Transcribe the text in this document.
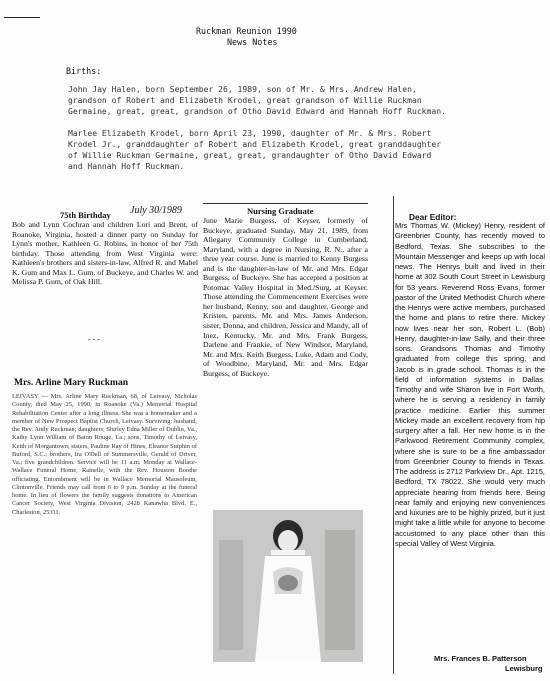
Ruckman Reunion 1990
News Notes
Births:
John Jay Halen, born September 26, 1989, son of Mr. & Mrs. Andrew Halen,
grandson of Robert and Elizabeth Krodel, great grandson of Willie Ruckman
Germaine, great, great, grandson of Otho David Edward and Hannah Hoff Ruckman.
Marlee Elizabeth Krodel, born April 23, 1990, daughter of Mr. & Mrs. Robert
Krodel Jr., granddaughter of Robert and Elizabeth Krodel, great granddaughter
of Willie Ruckman Germaine, great, great, grandaughter of Otho David Edward
and Hannah Hoff Ruckman.
75th Birthday July 30/1989
Bob and Lynn Cochran and children Lori and Brent, of Roanoke, Virginia, hosted a dinner party on Sunday for Lynn's mother, Kathleen G. Robins, in honor of her 75th birthday. Those attending from West Virginia were: Kathleen's brothers and sisters-in-law, Alfred R. and Mabel K. Gum and Max L. Gum, of Buckeye, and Charles W. and Melissa P. Gum, of Oak Hill.
- - -
Mrs. Arline Mary Ruckman
LEIVASY — Mrs. Arline Mary Ruckman, 68, of Leivasy, Nicholas County, died May 25, 1990, in Roanoke (Va.) Memorial Hospital Rehabilitation Center after a long illness. She was a homemaker and a member of New Prospect Baptist Church, Leivasy. Surviving: husband, the Rev. Andy Ruckman; daughters, Shirley Edna Miller of Dublin, Va., Kathy Lynn William of Baton Rouge, La.; sons, Timothy of Leivasy, Keith of Morgantown; sisters, Pauline Ray of Hines, Eleanor Sutphin of Buford, S.C.; brothers, Ira O'Dell of Summersville, Gerald of Driver, Va.; five grandchildren. Service will be 11 a.m. Monday at Wallace-Wallace Funeral Home, Rainelle, with the Rev. Houston Boothe officiating. Entombment will be in Wallace Memorial Mausoleum, Clintonville. Friends may call from 6 to 9 p.m. Sunday at the funeral home. In lieu of flowers the family suggests donations to American Cancer Society, West Virginia Division, 2428 Kanawha Blvd. E., Charleston, 25311.
Nursing Graduate
June Marie Burgess, of Keyser, formerly of Buckeye, graduated Sunday, May 21, 1989, from Allegany Community College in Cumberland, Maryland, with a degree in Nursing, R. N., after a three year course. June is married to Kenny Burgess and is the daughter-in-law of Mr. and Mrs. Edgar Burgess, of Buckeye. She has accepted a position at Potomac Valley Hospital in Med./Surg. at Keyser. Those attending the Commencement Exercises were her husband, Kenny, son and daughter, George and Kristen, parents, Mr. and Mrs. James Anderson, sister, Donna, and children, Jessica and Mandy, all of Inez, Kentucky, Mr. and Mrs. Frank Burgess, Darlene and Frankie, of New Windsor, Maryland, Mr. and Mrs. Keith Burgess, Luke, Adam and Cody, of Woodbine, Maryland, Mr. and Mrs. Edgar Burgess, of Buckeye.
Dear Editor:
Mrs Thomas W. (Mickey) Henry, resident of Greenbrier County, has recently moved to Bedford, Texas. She subscribes to the Mountain Messenger and keeps up with local news. The Henrys built and lived in their home at 302 South Court Street in Lewisburg for 53 years. Reverend Ross Evans, former pastor of the United Methodist Church where the Henrys were active members, purchased the home and plans to retire there. Mickey now lives near her son, Robert L. (Bob) Henry, daughter-in-law Sally, and their three sons. Grandsons Thomas and Timothy graduated from college this spring, and Jacob is in grade school. Thomas is in the field of information systems in Dallas. Timothy and wife Sharon live in Fort Worth, where he is serving a residency in family practice medicine. Earlier this summer Mickey made an excellent recovery from hip surgery after a fall. Her new home is in the Parkwood Retirement Community complex, where she is sure to be a fine ambassador from Greenbrier County to friends in Texas. The address is 2712 Parkview Dr., Apt. 1215, Bedford, TX 78022. She would very much appreciate hearing from friends here. Being near family and enjoying new conveniences and luxuries are to be highly prized, but it just might take a little while for anyone to become accustomed to any place other than this special Valley of West Virginia.
Mrs. Frances B. Patterson
Lewisburg
